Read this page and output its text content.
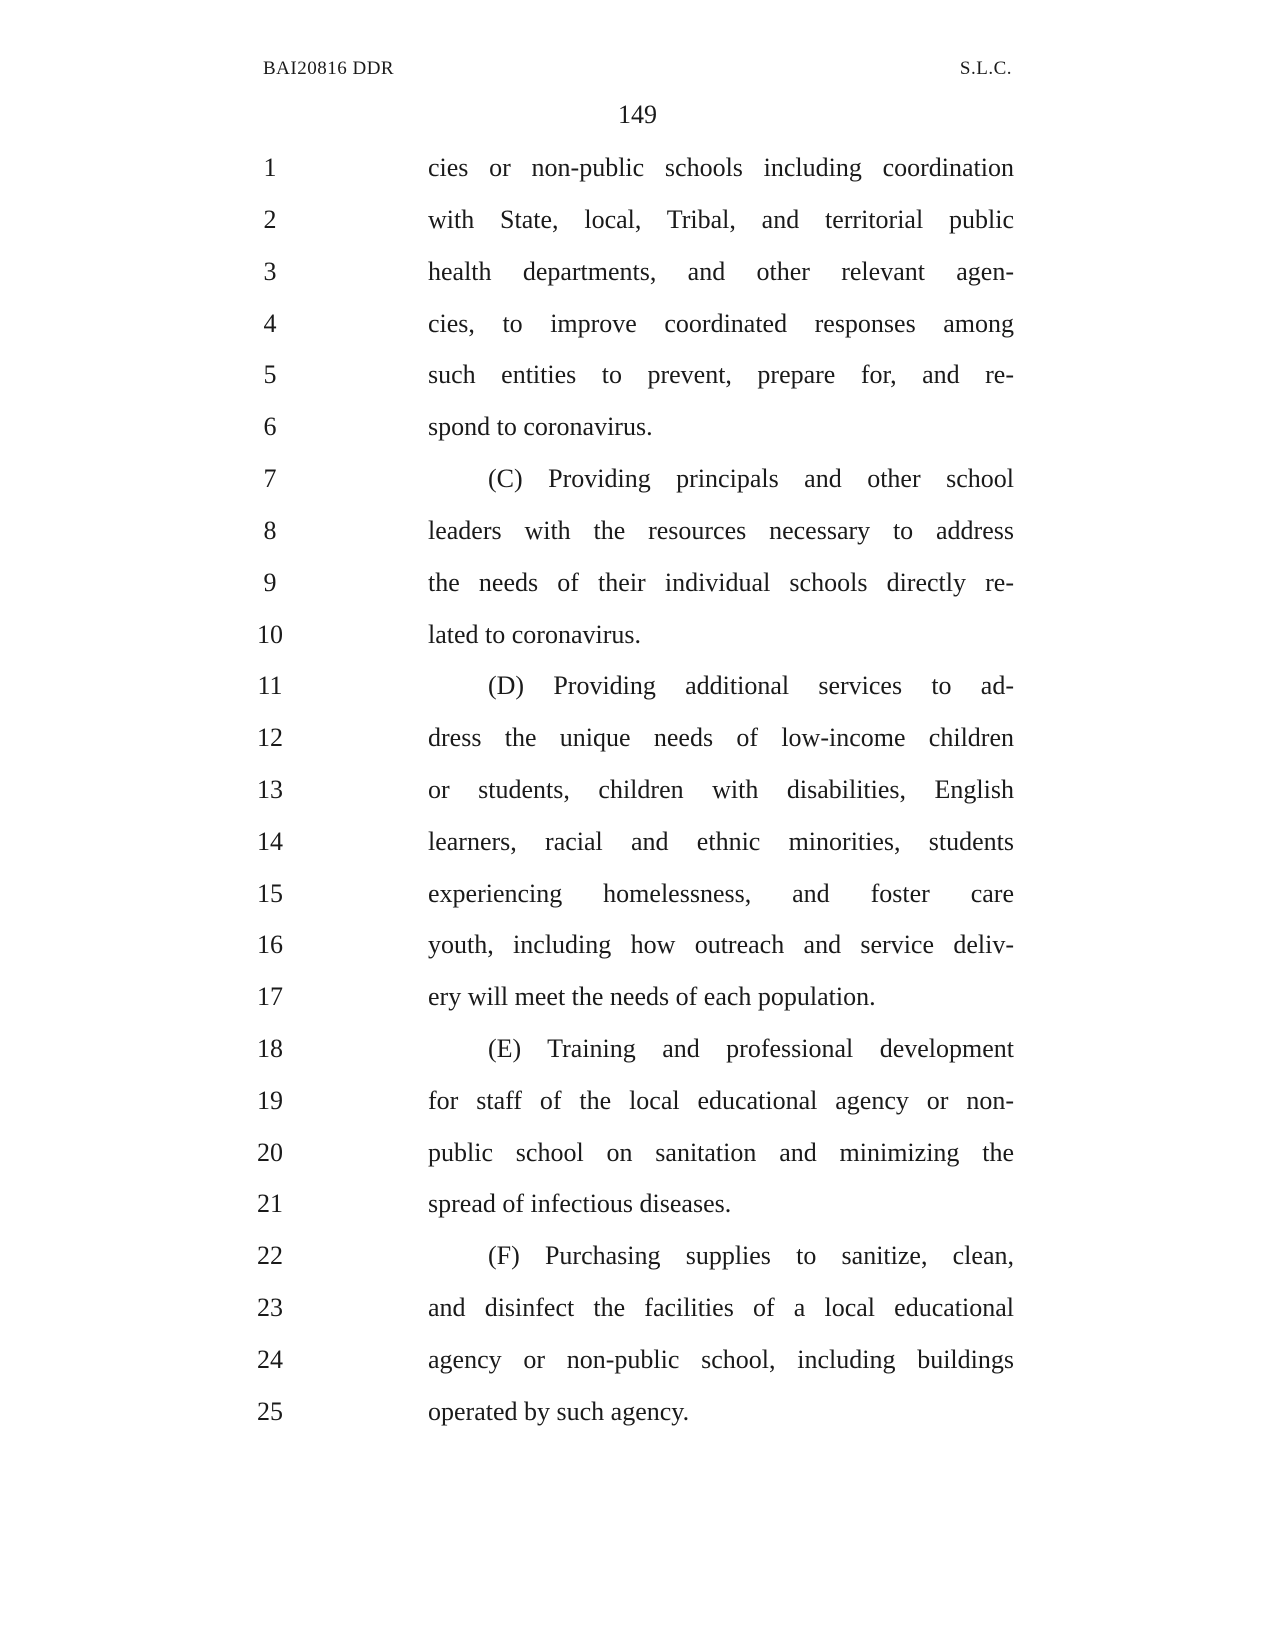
BAI20816 DDR	S.L.C.
149
1	cies or non-public schools including coordination
2	with State, local, Tribal, and territorial public
3	health departments, and other relevant agen-
4	cies, to improve coordinated responses among
5	such entities to prevent, prepare for, and re-
6	spond to coronavirus.
7	(C) Providing principals and other school
8	leaders with the resources necessary to address
9	the needs of their individual schools directly re-
10	lated to coronavirus.
11	(D) Providing additional services to ad-
12	dress the unique needs of low-income children
13	or students, children with disabilities, English
14	learners, racial and ethnic minorities, students
15	experiencing homelessness, and foster care
16	youth, including how outreach and service deliv-
17	ery will meet the needs of each population.
18	(E) Training and professional development
19	for staff of the local educational agency or non-
20	public school on sanitation and minimizing the
21	spread of infectious diseases.
22	(F) Purchasing supplies to sanitize, clean,
23	and disinfect the facilities of a local educational
24	agency or non-public school, including buildings
25	operated by such agency.
